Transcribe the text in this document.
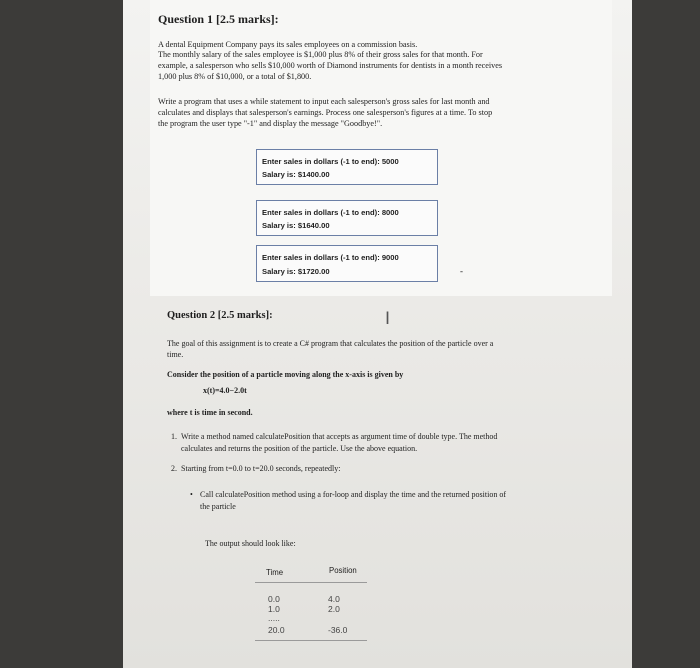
Question 1 [2.5 marks]:
A dental Equipment Company pays its sales employees on a commission basis.
The monthly salary of the sales employee is $1,000 plus 8% of their gross sales for that month. For
example, a salesperson who sells $10,000 worth of Diamond instruments for dentists in a month receives
1,000 plus 8% of $10,000, or a total of $1,800.
Write a program that uses a while statement to input each salesperson's gross sales for last month and
calculates and displays that salesperson's earnings. Process one salesperson's figures at a time. To stop
the program the user type "-1" and display the message "Goodbye!".
Enter sales in dollars (-1 to end): 5000
Salary is: $1400.00
Enter sales in dollars (-1 to end): 8000
Salary is: $1640.00
Enter sales in dollars (-1 to end): 9000
Salary is: $1720.00	-
Question 2 [2.5 marks]:	I
The goal of this assignment is to create a C# program that calculates the position of the particle over a
time.
Consider the position of a particle moving along the x-axis is given by
x(t)=4.0−2.0t
where t is time in second.
1. Write a method named calculatePosition that accepts as argument time of double type. The method
calculates and returns the position of the particle. Use the above equation.
2. Starting from t=0.0 to t=20.0 seconds, repeatedly:
• Call calculatePosition method using a for-loop and display the time and the returned position of
the particle
The output should look like:
Time	Position
0.0	4.0
1.0	2.0
.....
20.0	-36.0
